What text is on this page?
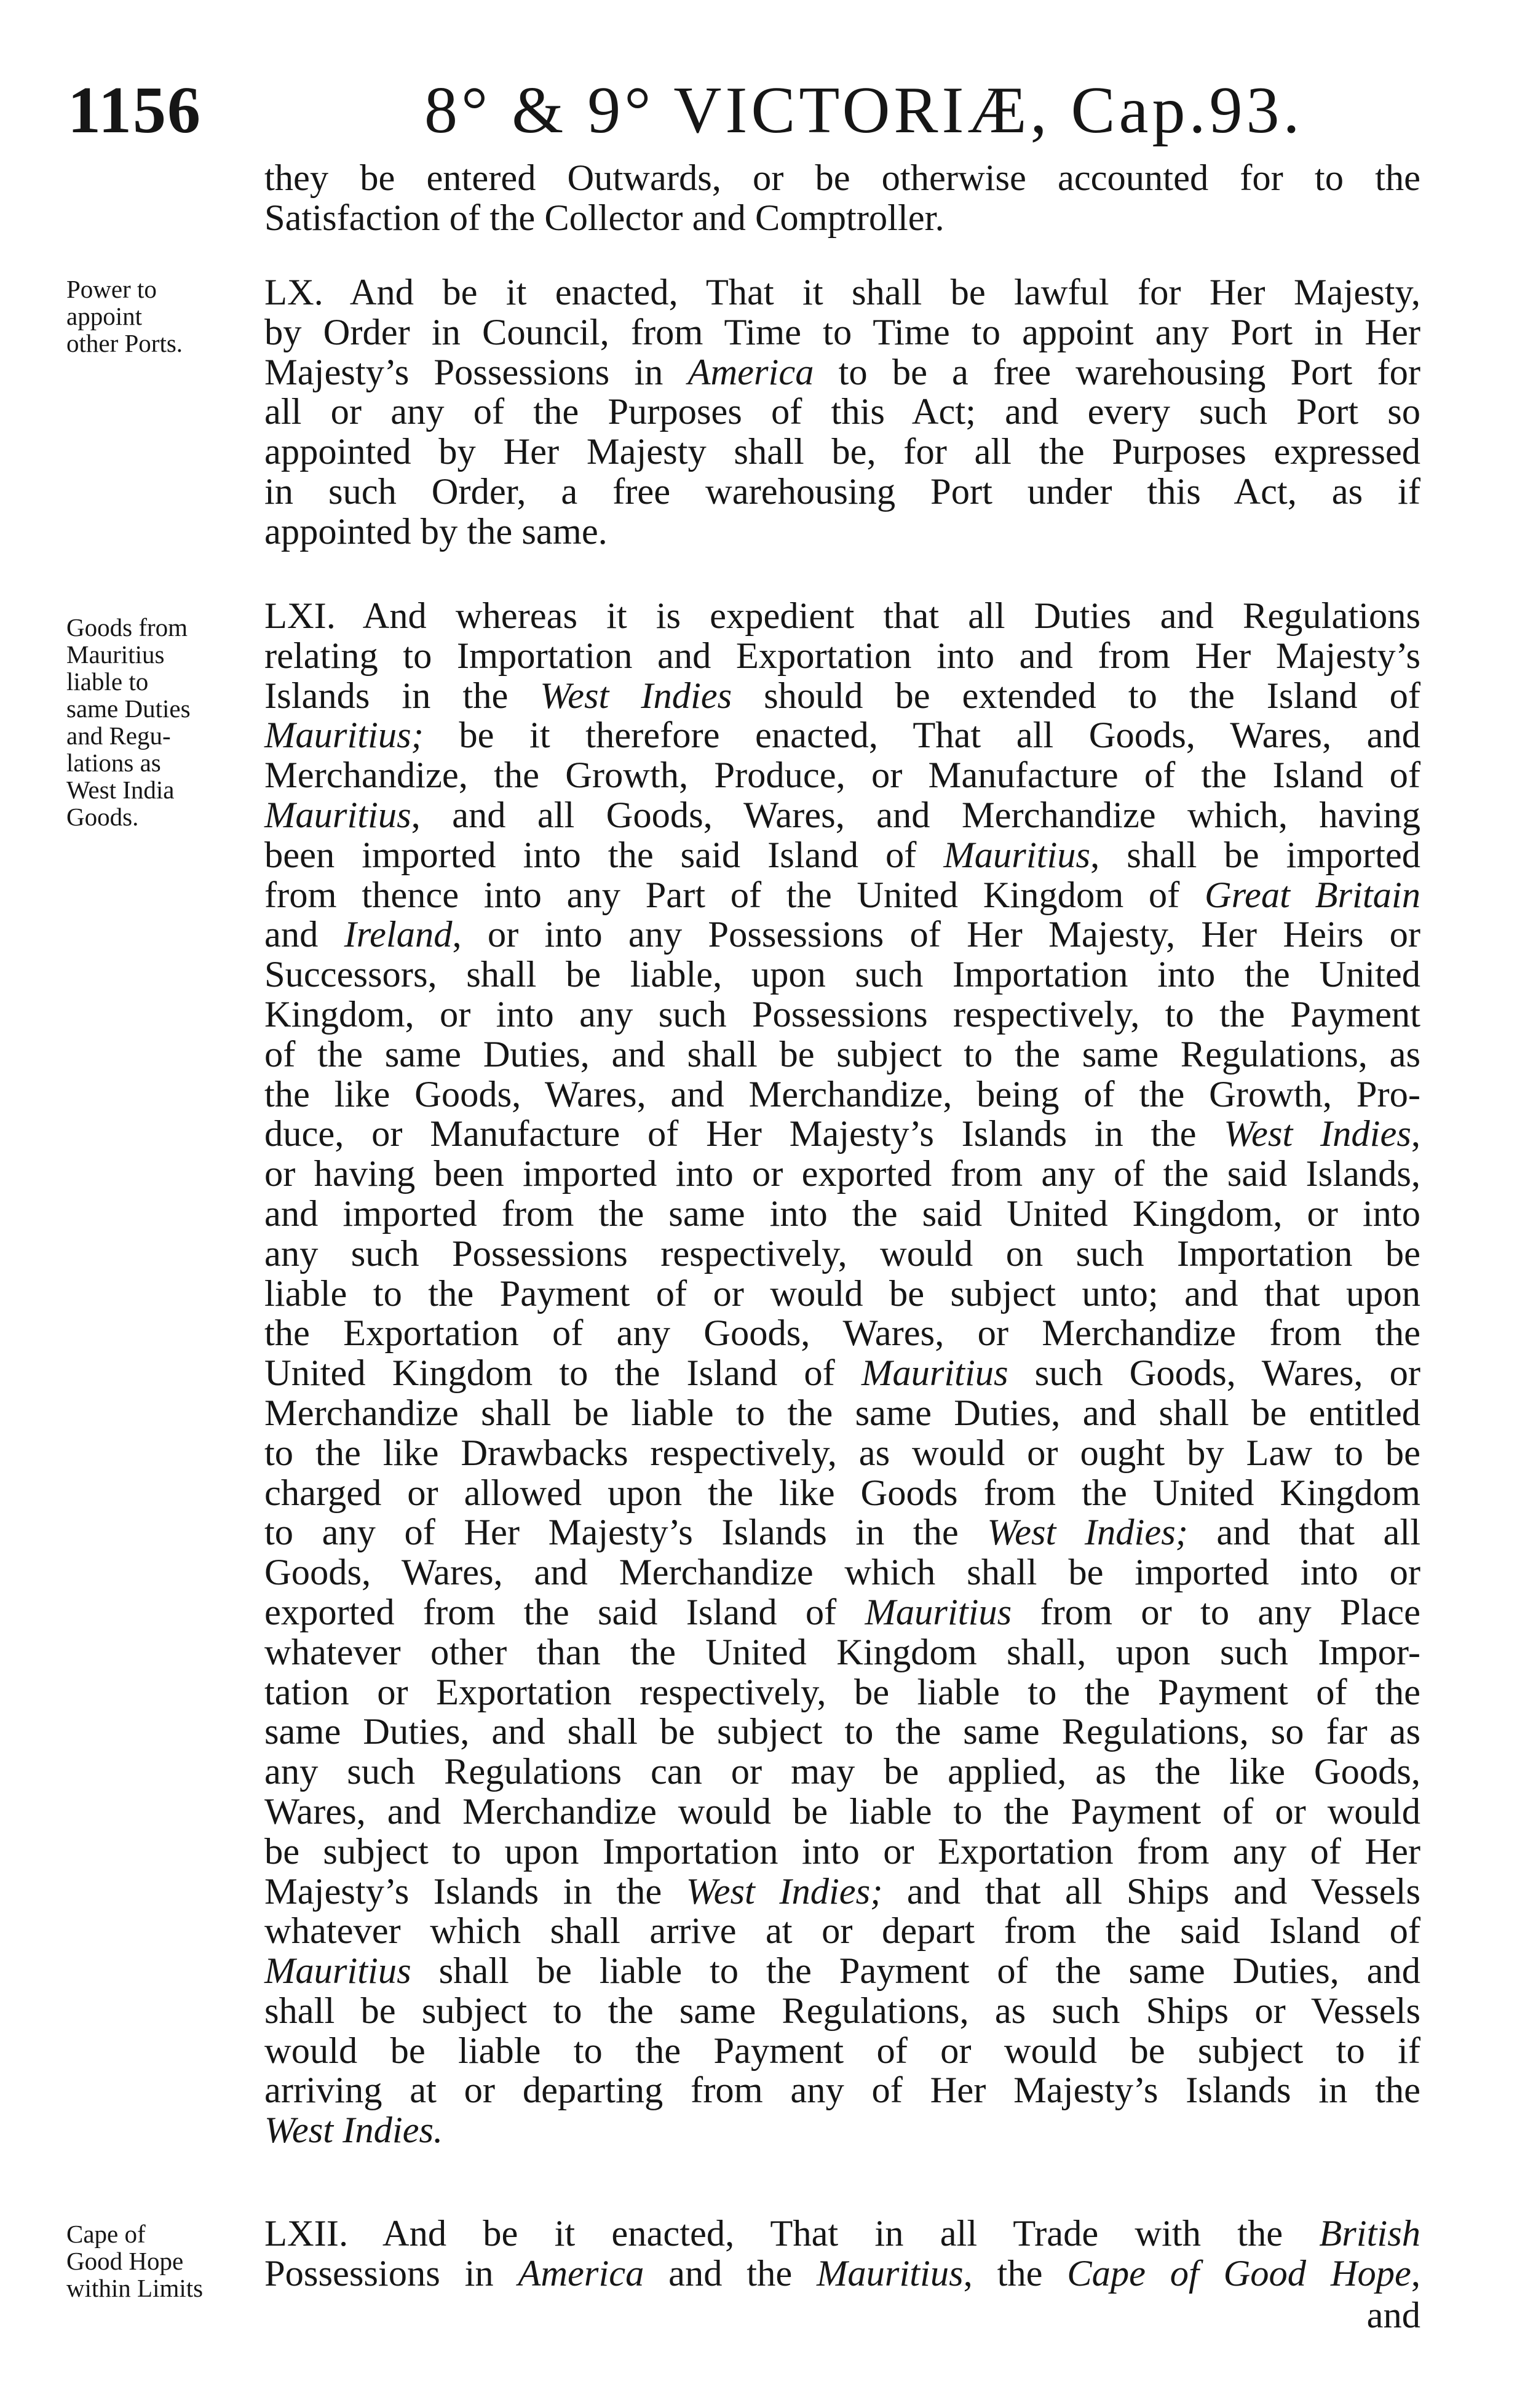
1156	8° & 9° VICTORIÆ, Cap.93.
they be entered Outwards, or be otherwise accounted for to the
Satisfaction of the Collector and Comptroller.
Power to
appoint
other Ports.
LX. And be it enacted, That it shall be lawful for Her Majesty,
by Order in Council, from Time to Time to appoint any Port in Her
Majesty’s Possessions in America to be a free warehousing Port for
all or any of the Purposes of this Act; and every such Port so
appointed by Her Majesty shall be, for all the Purposes expressed
in such Order, a free warehousing Port under this Act, as if
appointed by the same.
Goods from
Mauritius
liable to
same Duties
and Regu-
lations as
West India
Goods.
LXI. And whereas it is expedient that all Duties and Regulations
relating to Importation and Exportation into and from Her Majesty’s
Islands in the West Indies should be extended to the Island of
Mauritius; be it therefore enacted, That all Goods, Wares, and
Merchandize, the Growth, Produce, or Manufacture of the Island of
Mauritius, and all Goods, Wares, and Merchandize which, having
been imported into the said Island of Mauritius, shall be imported
from thence into any Part of the United Kingdom of Great Britain
and Ireland, or into any Possessions of Her Majesty, Her Heirs or
Successors, shall be liable, upon such Importation into the United
Kingdom, or into any such Possessions respectively, to the Payment
of the same Duties, and shall be subject to the same Regulations, as
the like Goods, Wares, and Merchandize, being of the Growth, Pro-
duce, or Manufacture of Her Majesty’s Islands in the West Indies,
or having been imported into or exported from any of the said Islands,
and imported from the same into the said United Kingdom, or into
any such Possessions respectively, would on such Importation be
liable to the Payment of or would be subject unto; and that upon
the Exportation of any Goods, Wares, or Merchandize from the
United Kingdom to the Island of Mauritius such Goods, Wares, or
Merchandize shall be liable to the same Duties, and shall be entitled
to the like Drawbacks respectively, as would or ought by Law to be
charged or allowed upon the like Goods from the United Kingdom
to any of Her Majesty’s Islands in the West Indies; and that all
Goods, Wares, and Merchandize which shall be imported into or
exported from the said Island of Mauritius from or to any Place
whatever other than the United Kingdom shall, upon such Impor-
tation or Exportation respectively, be liable to the Payment of the
same Duties, and shall be subject to the same Regulations, so far as
any such Regulations can or may be applied, as the like Goods,
Wares, and Merchandize would be liable to the Payment of or would
be subject to upon Importation into or Exportation from any of Her
Majesty’s Islands in the West Indies; and that all Ships and Vessels
whatever which shall arrive at or depart from the said Island of
Mauritius shall be liable to the Payment of the same Duties, and
shall be subject to the same Regulations, as such Ships or Vessels
would be liable to the Payment of or would be subject to if
arriving at or departing from any of Her Majesty’s Islands in the
West Indies.
Cape of
Good Hope
within Limits
LXII. And be it enacted, That in all Trade with the British
Possessions in America and the Mauritius, the Cape of Good Hope,
and
